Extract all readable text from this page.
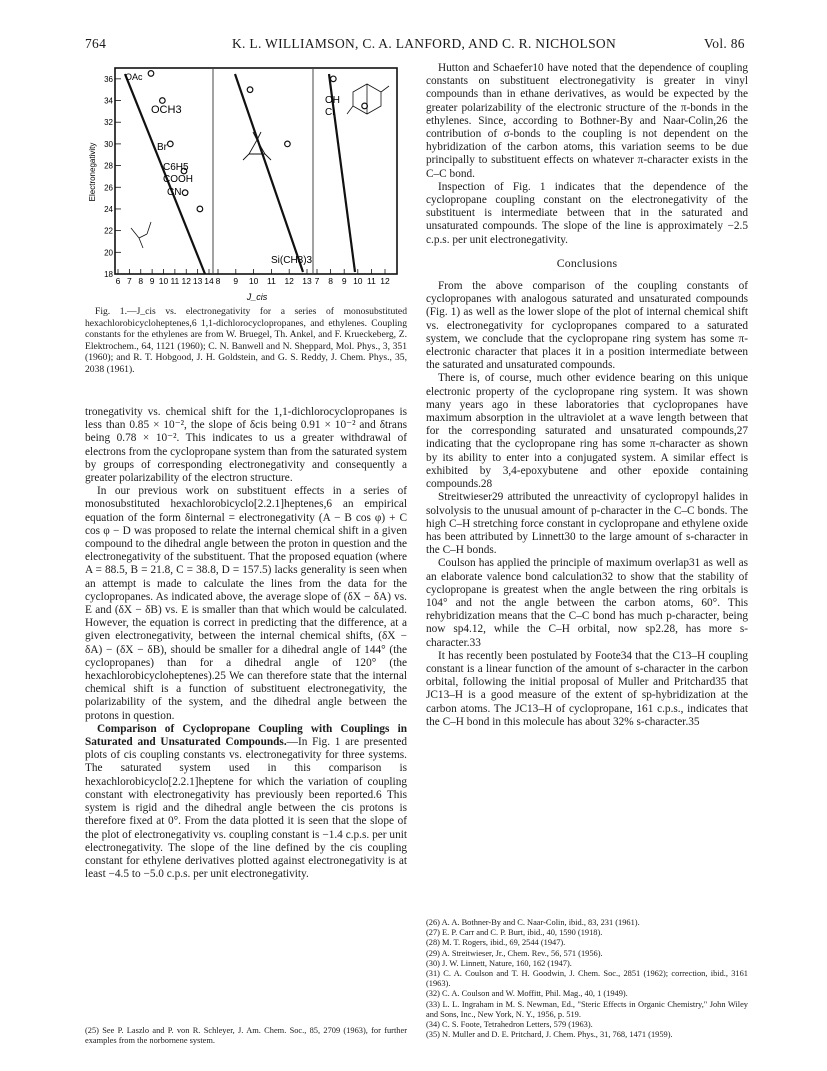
764	K. L. WILLIAMSON, C. A. LANFORD, AND C. R. NICHOLSON	Vol. 86
Electronegativity
18
20
22
24
26
28
30
32
34
36
6 7 8 9 10 11 12 13 14 8 9 10 11 12 13 7 8 9 10 11 12
OAc
OCH3
Br
C6H5
COOH
CN
OH
Cl
Si(CH3)3
J_cis

Fig. 1.—J_cis vs. electronegativity for a series of monosubstituted hexachlorobicycloheptenes,6 1,1-dichlorocyclopropanes, and ethylenes. Coupling constants for the ethylenes are from W. Bruegel, Th. Ankel, and F. Krueckeberg, Z. Elektrochem., 64, 1121 (1960); C. N. Banwell and N. Sheppard, Mol. Phys., 3, 351 (1960); and R. T. Hobgood, J. H. Goldstein, and G. S. Reddy, J. Chem. Phys., 35, 2038 (1961).

tronegativity vs. chemical shift for the 1,1-dichlorocyclopropanes is less than 0.85 × 10⁻², the slope of δcis being 0.91 × 10⁻² and δtrans being 0.78 × 10⁻². This indicates to us a greater withdrawal of electrons from the cyclopropane system than from the saturated system by groups of corresponding electronegativity and consequently a greater polarizability of the electron structure.

In our previous work on substituent effects in a series of monosubstituted hexachlorobicyclo[2.2.1]heptenes,6 an empirical equation of the form δinternal = electronegativity (A − B cos φ) + C cos φ − D was proposed to relate the internal chemical shift in a given compound to the dihedral angle between the proton in question and the electronegativity of the substituent. That the proposed equation (where A = 88.5, B = 21.8, C = 38.8, D = 157.5) lacks generality is seen when an attempt is made to calculate the lines from the data for the cyclopropanes. As indicated above, the average slope of (δX − δA) vs. E and (δX − δB) vs. E is smaller than that which would be calculated. However, the equation is correct in predicting that the difference, at a given electronegativity, between the internal chemical shifts, (δX − δA) − (δX − δB), should be smaller for a dihedral angle of 144° (the cyclopropanes) than for a dihedral angle of 120° (the hexachlorobicycloheptenes).25 We can therefore state that the internal chemical shift is a function of substituent electronegativity, the polarizability of the system, and the dihedral angle between the protons in question.

Comparison of Cyclopropane Coupling with Couplings in Saturated and Unsaturated Compounds.—In Fig. 1 are presented plots of cis coupling constants vs. electronegativity for three systems. The saturated system used in this comparison is hexachlorobicyclo[2.2.1]heptene for which the variation of coupling constant with electronegativity has previously been reported.6 This system is rigid and the dihedral angle between the cis protons is therefore fixed at 0°. From the data plotted it is seen that the slope of the plot of electronegativity vs. coupling constant is −1.4 c.p.s. per unit electronegativity. The slope of the line defined by the cis coupling constant for ethylene derivatives plotted against electronegativity is at least −4.5 to −5.0 c.p.s. per unit electronegativity.

(25) See P. Laszlo and P. von R. Schleyer, J. Am. Chem. Soc., 85, 2709 (1963), for further examples from the norbornene system.

Hutton and Schaefer10 have noted that the dependence of coupling constants on substituent electronegativity is greater in vinyl compounds than in ethane derivatives, as would be expected by the greater polarizability of the electronic structure of the π-bonds in the ethylenes. Since, according to Bothner-By and Naar-Colin,26 the contribution of σ-bonds to the coupling is not dependent on the hybridization of the carbon atoms, this variation seems to be due principally to substituent effects on whatever π-character exists in the C–C bond.

Inspection of Fig. 1 indicates that the dependence of the cyclopropane coupling constant on the electronegativity of the substituent is intermediate between that in the saturated and unsaturated compounds. The slope of the line is approximately −2.5 c.p.s. per unit electronegativity.

Conclusions

From the above comparison of the coupling constants of cyclopropanes with analogous saturated and unsaturated compounds (Fig. 1) as well as the lower slope of the plot of internal chemical shift vs. electronegativity for cyclopropanes compared to a saturated system, we conclude that the cyclopropane ring system has some π-electronic character that places it in a position intermediate between the saturated and unsaturated compounds.

There is, of course, much other evidence bearing on this unique electronic property of the cyclopropane ring system. It was shown many years ago in these laboratories that cyclopropanes have maximum absorption in the ultraviolet at a wave length between that for the corresponding saturated and unsaturated compounds,27 indicating that the cyclopropane ring has some π-character as shown by its ability to enter into a conjugated system. A similar effect is exhibited by 3,4-epoxybutene and other epoxide containing compounds.28

Streitwieser29 attributed the unreactivity of cyclopropyl halides in solvolysis to the unusual amount of p-character in the C–C bonds. The high C–H stretching force constant in cyclopropane and ethylene oxide has been attributed by Linnett30 to the large amount of s-character in the C–H bonds.

Coulson has applied the principle of maximum overlap31 as well as an elaborate valence bond calculation32 to show that the stability of cyclopropane is greatest when the angle between the ring orbitals is 104° and not the angle between the carbon atoms, 60°. This rehybridization means that the C–C bond has much p-character, being now sp4.12, while the C–H orbital, now sp2.28, has more s-character.33

It has recently been postulated by Foote34 that the C13–H coupling constant is a linear function of the amount of s-character in the carbon orbital, following the initial proposal of Muller and Pritchard35 that JC13–H is a good measure of the extent of sp-hybridization at the carbon atoms. The JC13–H of cyclopropane, 161 c.p.s., indicates that the C–H bond in this molecule has about 32% s-character.35

(26) A. A. Bothner-By and C. Naar-Colin, ibid., 83, 231 (1961).
(27) E. P. Carr and C. P. Burt, ibid., 40, 1590 (1918).
(28) M. T. Rogers, ibid., 69, 2544 (1947).
(29) A. Streitwieser, Jr., Chem. Rev., 56, 571 (1956).
(30) J. W. Linnett, Nature, 160, 162 (1947).
(31) C. A. Coulson and T. H. Goodwin, J. Chem. Soc., 2851 (1962); correction, ibid., 3161 (1963).
(32) C. A. Coulson and W. Moffitt, Phil. Mag., 40, 1 (1949).
(33) L. L. Ingraham in M. S. Newman, Ed., "Steric Effects in Organic Chemistry," John Wiley and Sons, Inc., New York, N. Y., 1956, p. 519.
(34) C. S. Foote, Tetrahedron Letters, 579 (1963).
(35) N. Muller and D. E. Pritchard, J. Chem. Phys., 31, 768, 1471 (1959).
